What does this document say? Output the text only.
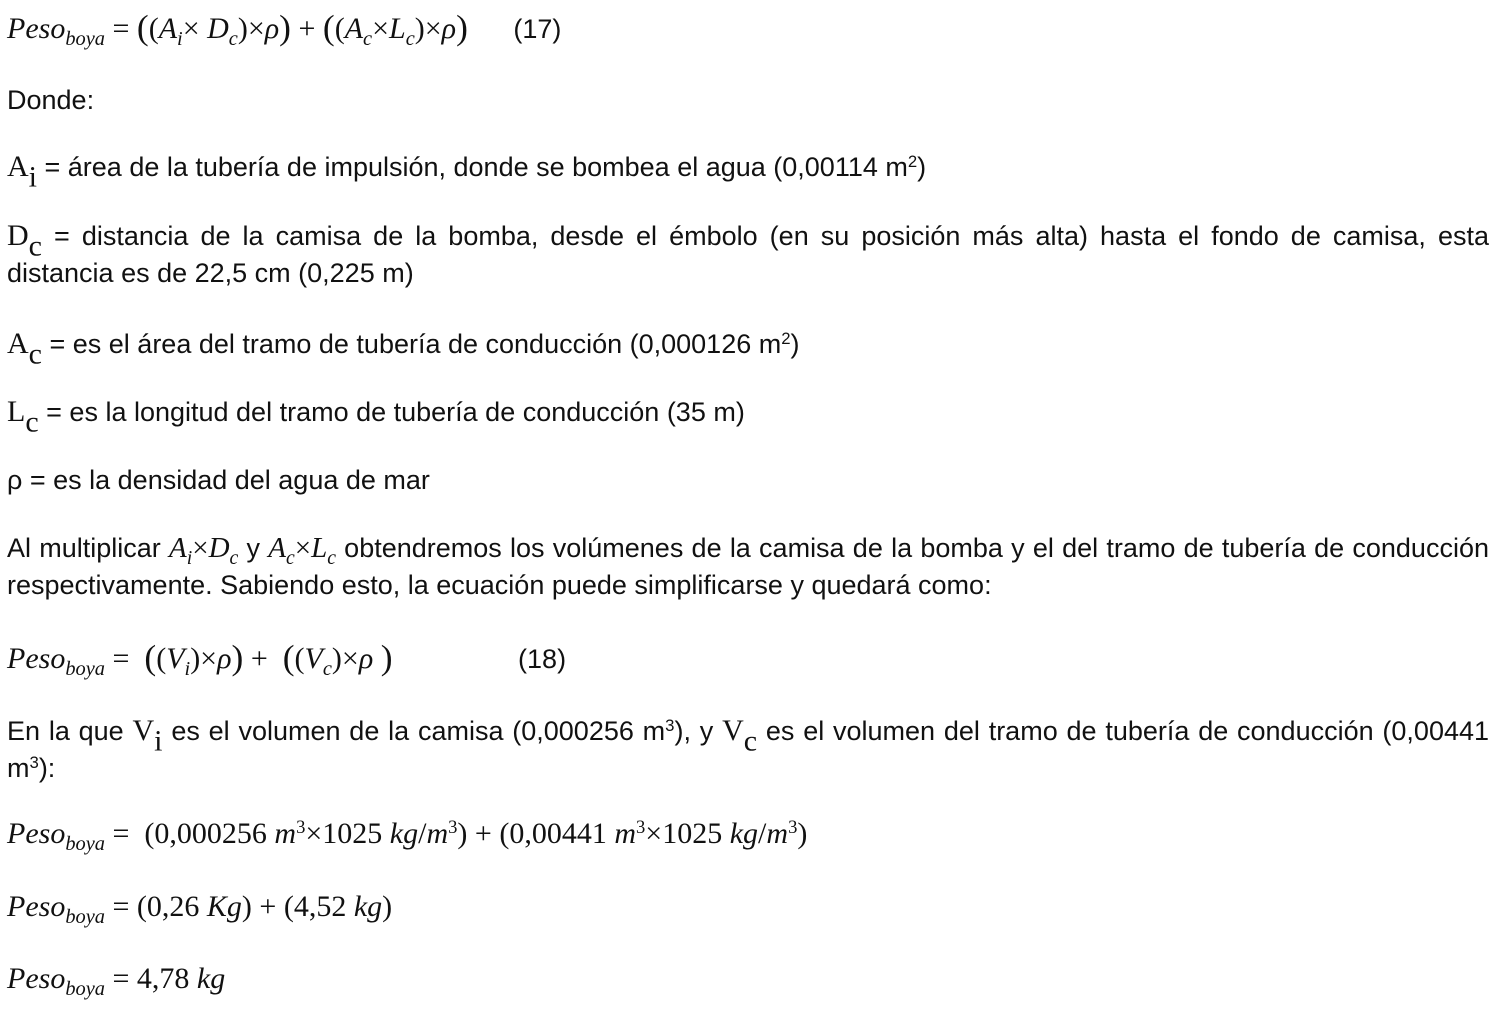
Peso$_{boya}$ = $((A_i\times D_c)\times\rho) + ((A_c\times L_c)\times\rho)$ (17)
Donde:
$A_i$ = área de la tubería de impulsión, donde se bombea el agua (0,00114 $m^2$)
$D_c$ = distancia de la camisa de la bomba, desde el émbolo (en su posición más alta) hasta el fondo de camisa, esta distancia es de 22,5 cm (0,225 m)
$A_c$ = es el área del tramo de tubería de conducción (0,000126 $m^2$)
$L_c$ = es la longitud del tramo de tubería de conducción (35 m)
ρ = es la densidad del agua de mar
Al multiplicar $A_i\times D_c$ y $A_c\times L_c$ obtendremos los volúmenes de la camisa de la bomba y el del tramo de tubería de conducción respectivamente. Sabiendo esto, la ecuación puede simplificarse y quedará como:
Peso$_{boya}$ =  $((V_i)\times\rho) + ((V_c)\times\rho$ )	(18)
En la que $V_i$ es el volumen de la camisa (0,000256 $m^3$), y $V_c$ es el volumen del tramo de tubería de conducción (0,00441 $m^3$):
Peso$_{boya}$ =  (0,000256 $m^3\times 1025$ $kg/m^3) + (0,00441$ $m^3\times 1025$ $kg/m^3$)
Peso$_{boya}$ = (0,26 Kg) + (4,52 kg)
Peso$_{boya}$ = 4,78 kg
